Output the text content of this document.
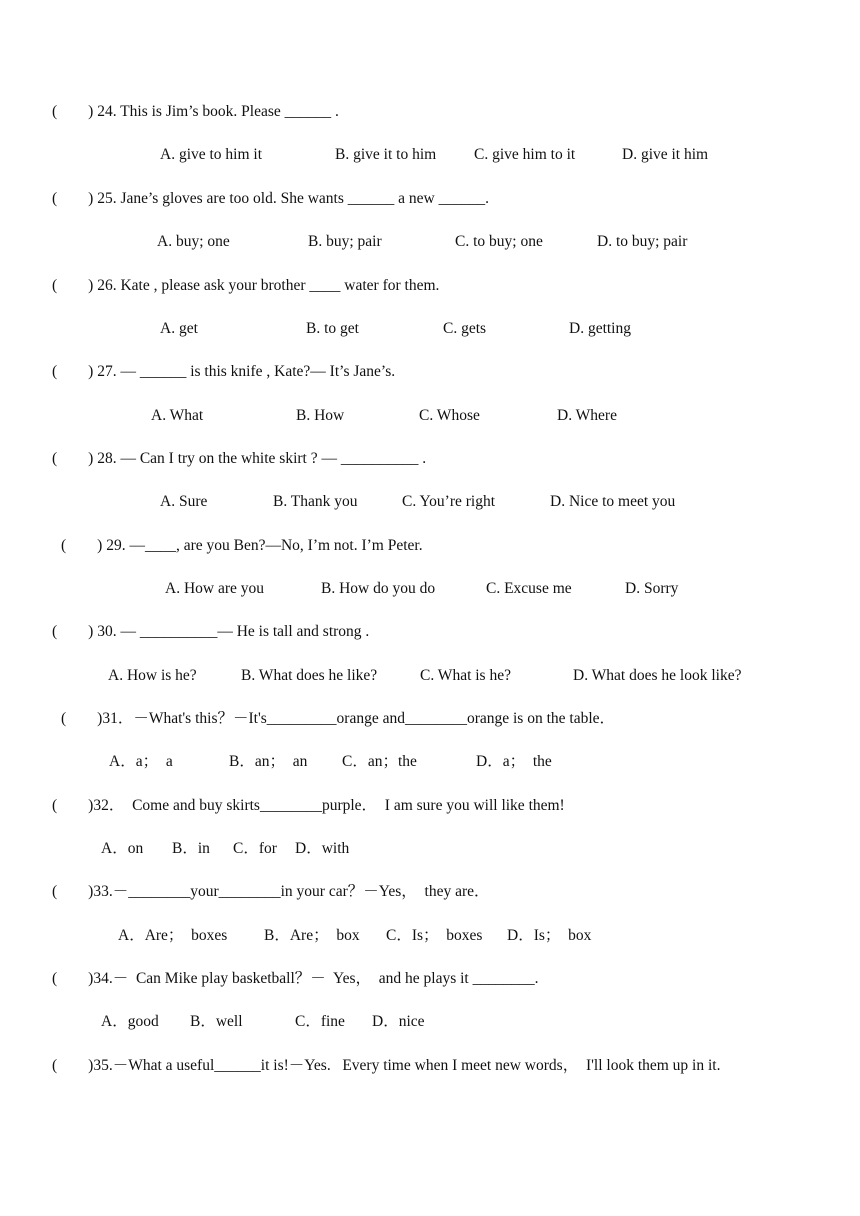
(        ) 24. This is Jim’s book. Please ______ .

A. give to him it

	B. give it to him

C. give him to it

	D. give it him

(        ) 25. Jane’s gloves are too old. She wants ______ a new ______.

A. buy; one

	B. buy; pair

	C. to buy; one

	D. to buy; pair

(        ) 26. Kate , please ask your brother ____ water for them.

A. get

	B. to get

	C. gets

	D. getting

(        ) 27. — ______ is this knife , Kate?— It’s Jane’s.

A. What

	B. How

	C. Whose

	D. Where

(        ) 28. — Can I try on the white skirt ? — __________ .

A. Sure

	B. Thank you

	C. You’re right

	D. Nice to meet you

(        ) 29. —____, are you Ben?—No, I’m not. I’m Peter.

A. How are you

	B. How do you do

	C. Excuse me

	D. Sorry

(        ) 30. — __________— He is tall and strong .

A. How is he?

	B. What does he like?

	C. What is he?

	D. What does he look like?

(        )31．－What's this？－It's_________orange and________orange is on the table．

A．a；  a

	B．an；  an

C．an；the

	D．a；  the

(        )32．  Come and buy skirts________purple．  I am sure you will like them!

A．on

B．in

C．for

D．with

(        )33.－________your________in your car？－Yes，  they are．

A．Are；  boxes

B．Are；  box

C．Is；  boxes

D．Is；  box

(        )34.－  Can Mike play basketball？－  Yes，  and he plays it ________.

A．good

B．well

	C．fine

D．nice

(        )35.－What a useful______it is!－Yes.   Every time when I meet new words，  I'll look them up in it.
